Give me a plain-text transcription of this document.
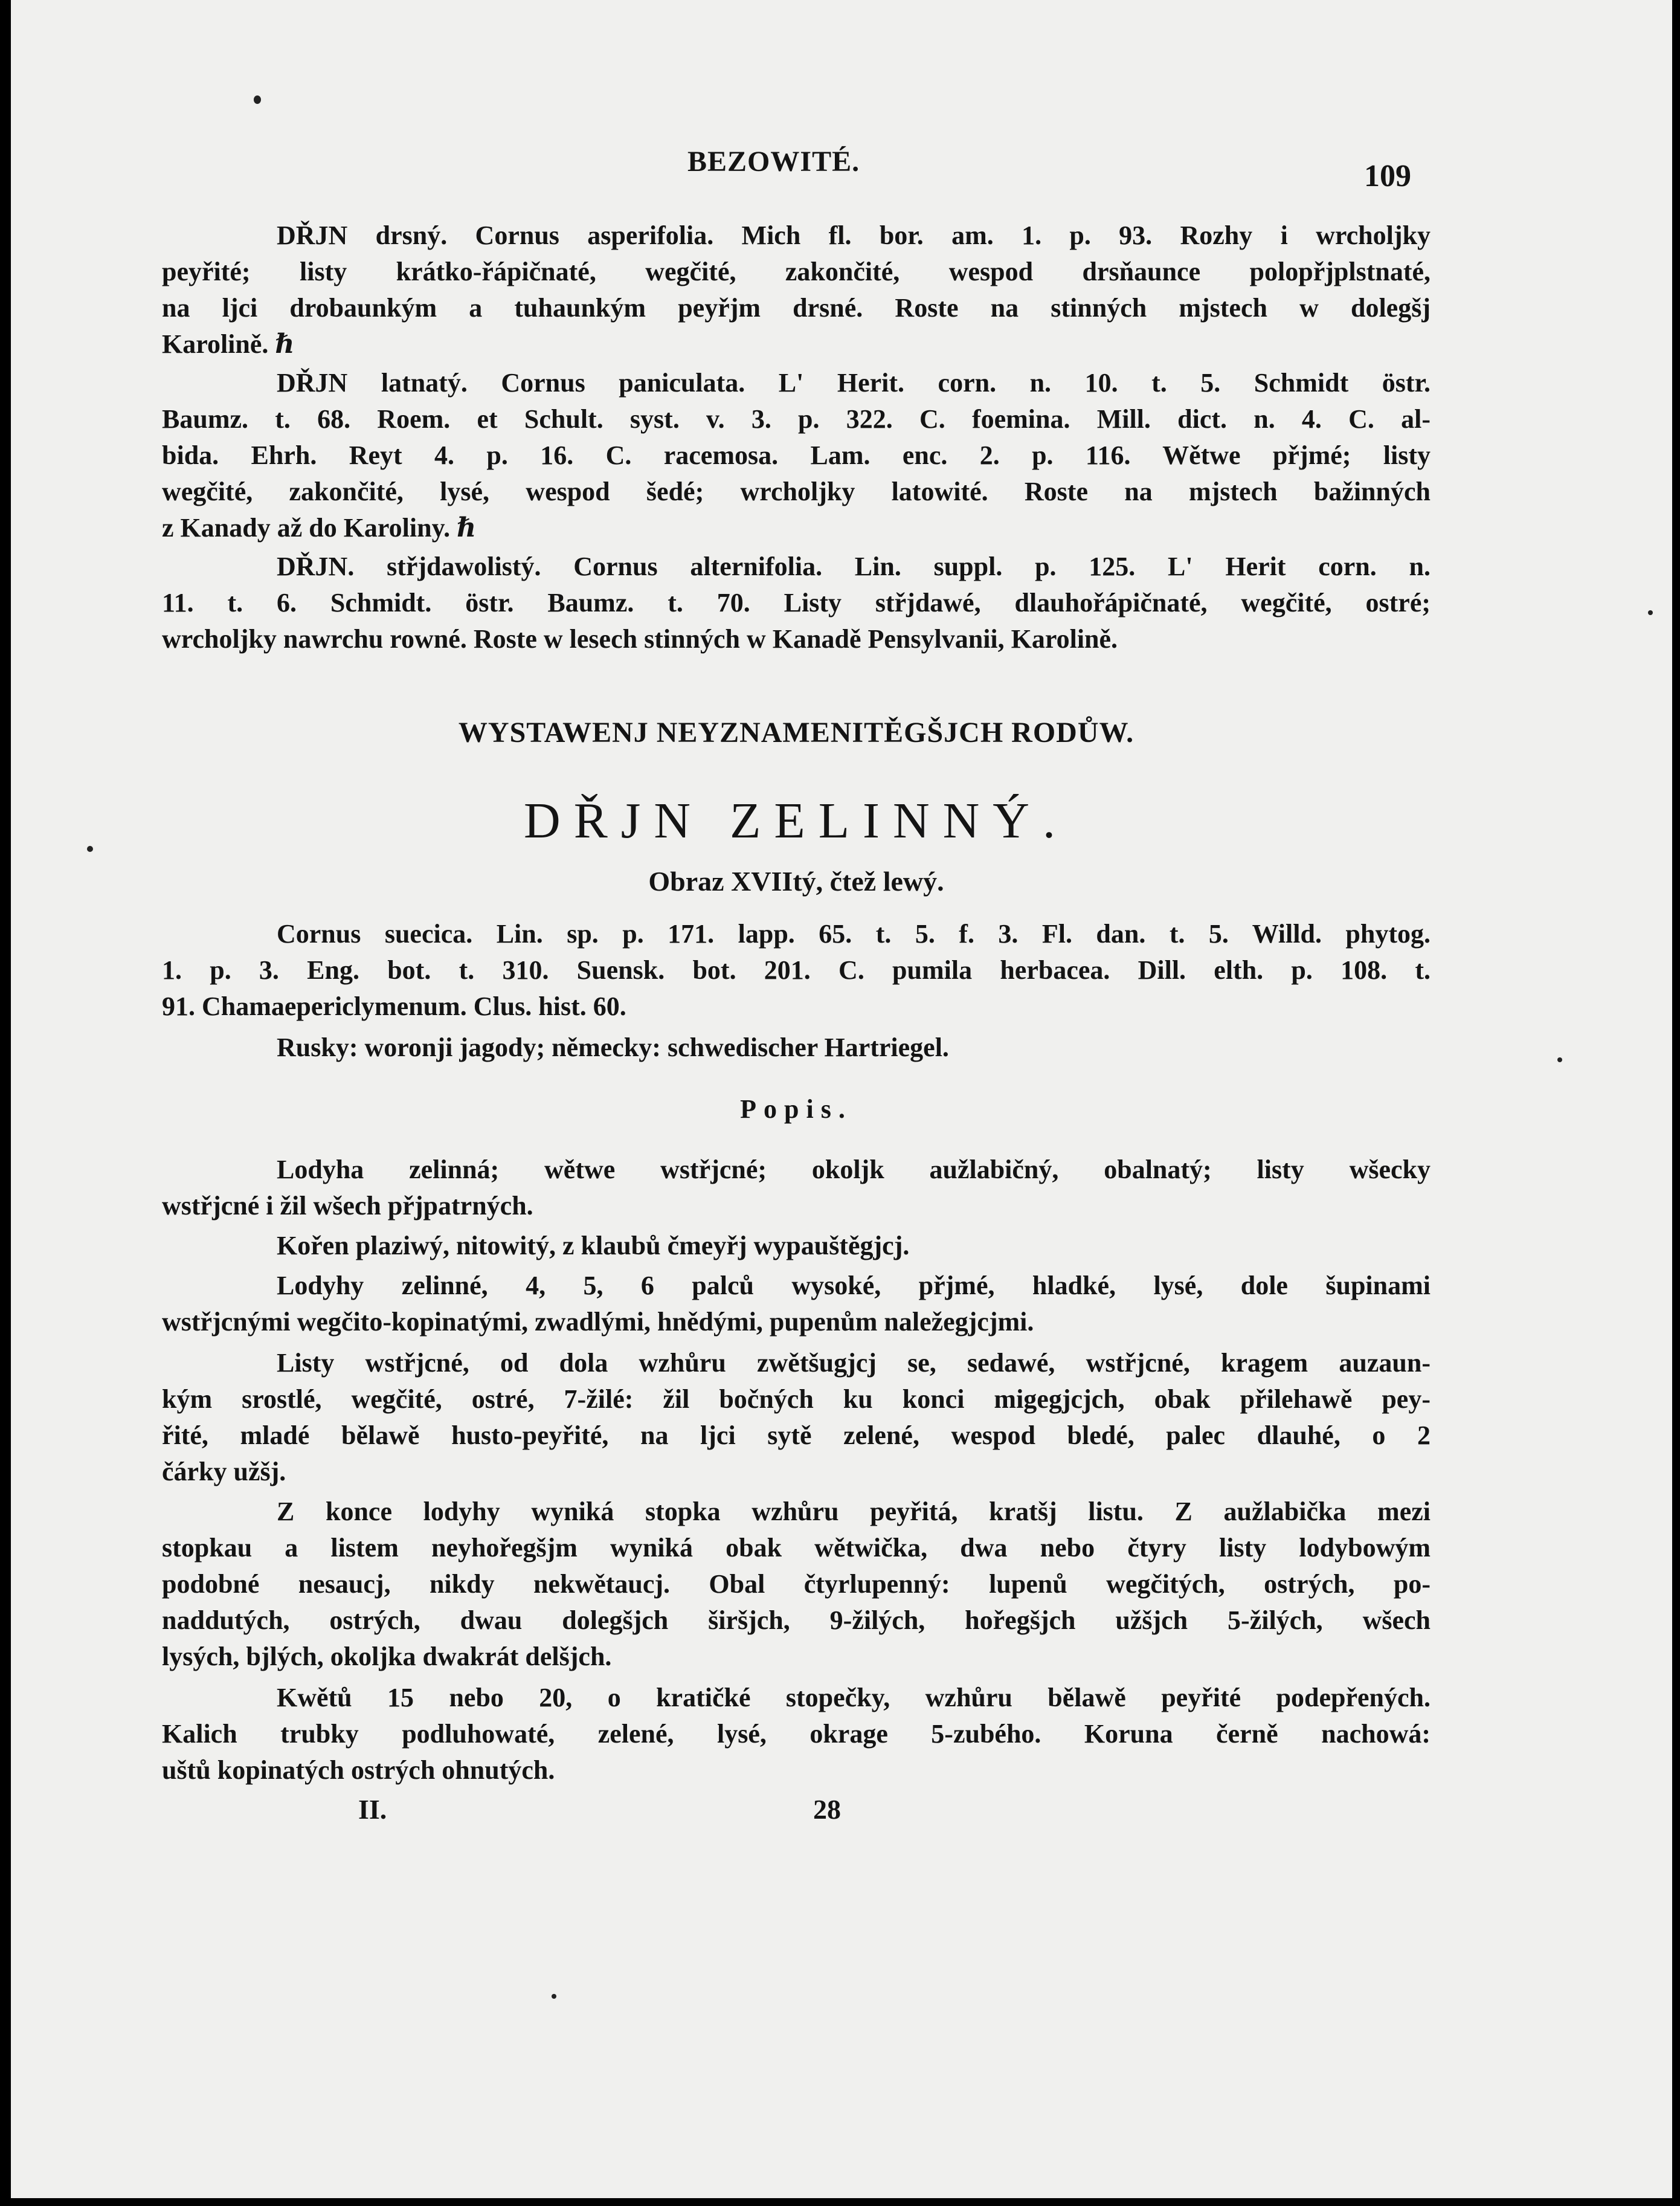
BEZOWITÉ.	109
DŘJN drsný. Cornus asperifolia. Mich fl. bor. am. 1. p. 93. Rozhy i wrcholjky
peyřité; listy krátko-řápičnaté, wegčité, zakončité, wespod drsňaunce polopřjplstnaté,
na ljci drobaunkým a tuhaunkým peyřjm drsné. Roste na stinných mjstech w dolegšj
Karolině. ℏ
DŘJN latnatý. Cornus paniculata. L' Herit. corn. n. 10. t. 5. Schmidt östr.
Baumz. t. 68. Roem. et Schult. syst. v. 3. p. 322. C. foemina. Mill. dict. n. 4. C. al-
bida. Ehrh. Reyt 4. p. 16. C. racemosa. Lam. enc. 2. p. 116. Wětwe přjmé; listy
wegčité, zakončité, lysé, wespod šedé; wrcholjky latowité. Roste na mjstech bažinných
z Kanady až do Karoliny. ℏ
DŘJN. střjdawolistý. Cornus alternifolia. Lin. suppl. p. 125. L' Herit corn. n.
11. t. 6. Schmidt. östr. Baumz. t. 70. Listy střjdawé, dlauhořápičnaté, wegčité, ostré;
wrcholjky nawrchu rowné. Roste w lesech stinných w Kanadě Pensylvanii, Karolině.
WYSTAWENJ NEYZNAMENITĚGŠJCH RODŮW.
DŘJN ZELINNÝ.
Obraz XVIItý, čtež lewý.
Cornus suecica. Lin. sp. p. 171. lapp. 65. t. 5. f. 3. Fl. dan. t. 5. Willd. phytog.
1. p. 3. Eng. bot. t. 310. Suensk. bot. 201. C. pumila herbacea. Dill. elth. p. 108. t.
91. Chamaepericlymenum. Clus. hist. 60.
Rusky: woronji jagody; německy: schwedischer Hartriegel.
Popis.
Lodyha zelinná; wětwe wstřjcné; okoljk aužlabičný, obalnatý; listy wšecky
wstřjcné i žil wšech přjpatrných.
Kořen plaziwý, nitowitý, z klaubů čmeyřj wypauštěgjcj.
Lodyhy zelinné, 4, 5, 6 palců wysoké, přjmé, hladké, lysé, dole šupinami
wstřjcnými wegčito-kopinatými, zwadlými, hnědými, pupenům naležegjcjmi.
Listy wstřjcné, od dola wzhůru zwětšugjcj se, sedawé, wstřjcné, kragem auzaun-
kým srostlé, wegčité, ostré, 7-žilé: žil bočných ku konci migegjcjch, obak přilehawě pey-
řité, mladé bělawě husto-peyřité, na ljci sytě zelené, wespod bledé, palec dlauhé, o 2
čárky užšj.
Z konce lodyhy wyniká stopka wzhůru peyřitá, kratšj listu. Z aužlabička mezi
stopkau a listem neyhořegšjm wyniká obak wětwička, dwa nebo čtyry listy lodybowým
podobné nesaucj, nikdy nekwětaucj. Obal čtyrlupenný: lupenů wegčitých, ostrých, po-
naddutých, ostrých, dwau dolegšjch širšjch, 9-žilých, hořegšjch užšjch 5-žilých, wšech
lysých, bjlých, okoljka dwakrát delšjch.
Kwětů 15 nebo 20, o kratičké stopečky, wzhůru bělawě peyřité podepřených.
Kalich trubky podluhowaté, zelené, lysé, okrage 5-zubého. Koruna černě nachowá:
uštů kopinatých ostrých ohnutých.
II.	28
